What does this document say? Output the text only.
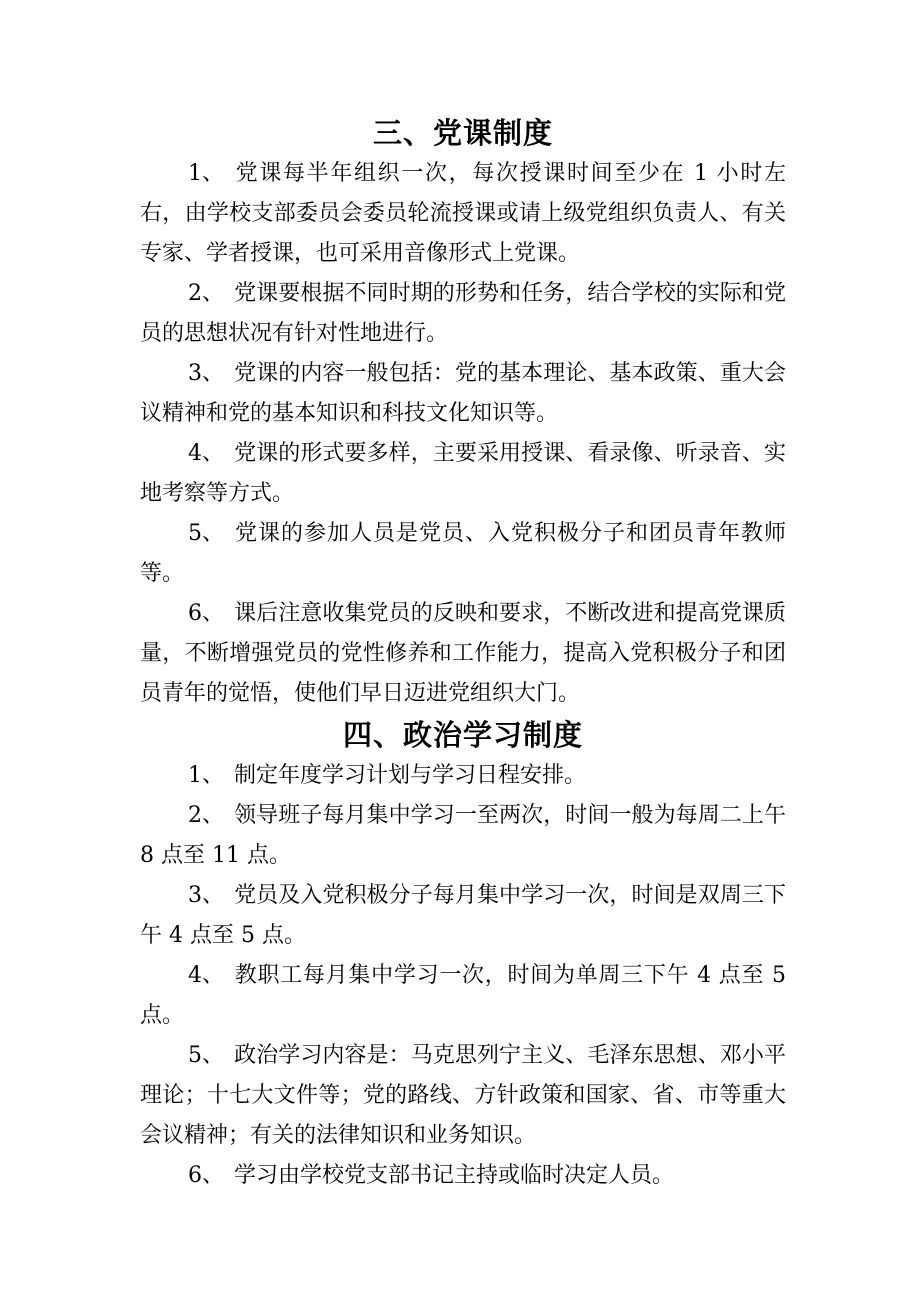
三、党课制度

1、 党课每半年组织一次，每次授课时间至少在 1 小时左右，由学校支部委员会委员轮流授课或请上级党组织负责人、有关专家、学者授课，也可采用音像形式上党课。

2、 党课要根据不同时期的形势和任务，结合学校的实际和党员的思想状况有针对性地进行。

3、 党课的内容一般包括：党的基本理论、基本政策、重大会议精神和党的基本知识和科技文化知识等。

4、 党课的形式要多样，主要采用授课、看录像、听录音、实地考察等方式。

5、 党课的参加人员是党员、入党积极分子和团员青年教师等。

6、 课后注意收集党员的反映和要求，不断改进和提高党课质量，不断增强党员的党性修养和工作能力，提高入党积极分子和团员青年的觉悟，使他们早日迈进党组织大门。

四、政治学习制度

1、 制定年度学习计划与学习日程安排。

2、 领导班子每月集中学习一至两次，时间一般为每周二上午 8 点至 11 点。

3、 党员及入党积极分子每月集中学习一次，时间是双周三下午 4 点至 5 点。

4、 教职工每月集中学习一次，时间为单周三下午 4 点至 5 点。

5、 政治学习内容是：马克思列宁主义、毛泽东思想、邓小平理论；十七大文件等；党的路线、方针政策和国家、省、市等重大会议精神；有关的法律知识和业务知识。

6、 学习由学校党支部书记主持或临时决定人员。
